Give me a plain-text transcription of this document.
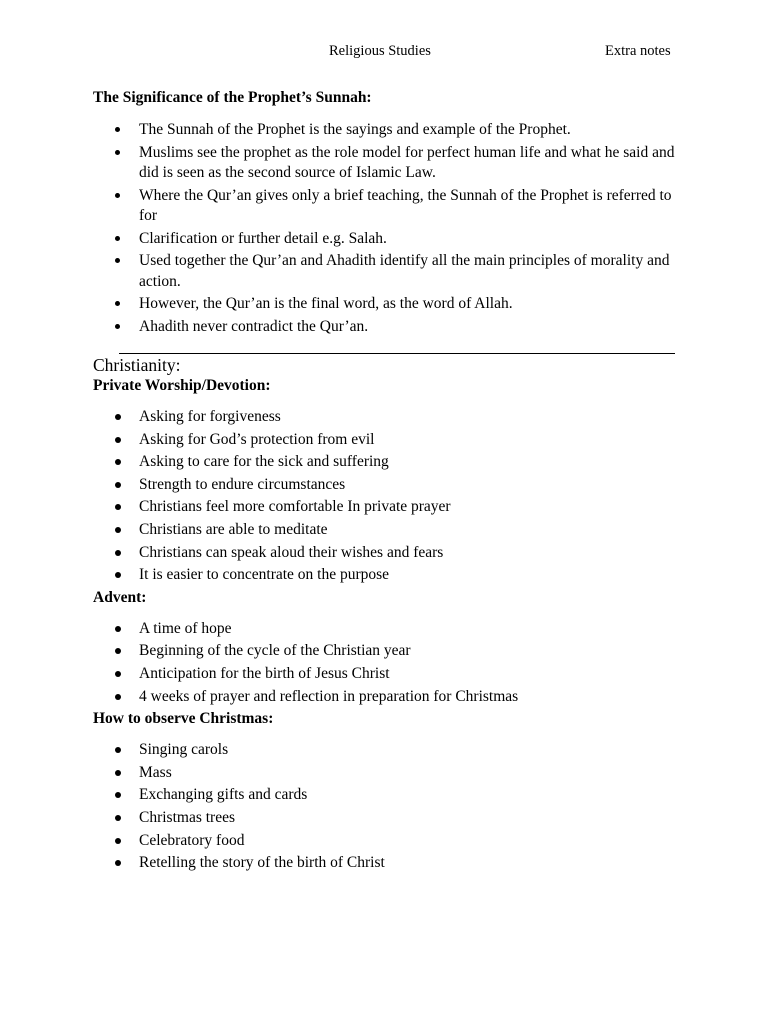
Religious Studies	Extra notes
The Significance of the Prophet’s Sunnah:
The Sunnah of the Prophet is the sayings and example of the Prophet.
Muslims see the prophet as the role model for perfect human life and what he said and did is seen as the second source of Islamic Law.
Where the Qur’an gives only a brief teaching, the Sunnah of the Prophet is referred to for
Clarification or further detail e.g. Salah.
Used together the Qur’an and Ahadith identify all the main principles of morality and action.
However, the Qur’an is the final word, as the word of Allah.
Ahadith never contradict the Qur’an.
Christianity:
Private Worship/Devotion:
Asking for forgiveness
Asking for God’s protection from evil
Asking to care for the sick and suffering
Strength to endure circumstances
Christians feel more comfortable In private prayer
Christians are able to meditate
Christians can speak aloud their wishes and fears
It is easier to concentrate on the purpose
Advent:
A time of hope
Beginning of the cycle of the Christian year
Anticipation for the birth of Jesus Christ
4 weeks of prayer and reflection in preparation for Christmas
How to observe Christmas:
Singing carols
Mass
Exchanging gifts and cards
Christmas trees
Celebratory food
Retelling the story of the birth of Christ
